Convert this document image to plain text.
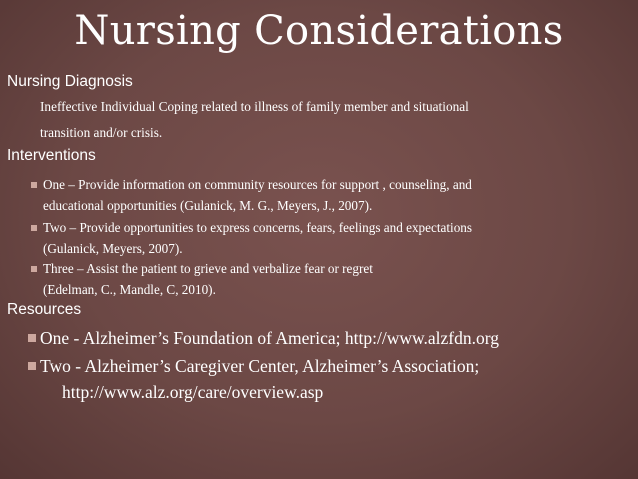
Nursing Considerations
Nursing Diagnosis
Ineffective Individual Coping related to illness of family member and situational
transition and/or crisis.
Interventions
One – Provide information on community resources for support , counseling, and
educational opportunities (Gulanick, M. G., Meyers, J., 2007).
Two – Provide opportunities to express concerns, fears, feelings and expectations
(Gulanick, Meyers, 2007).
Three – Assist the patient to grieve and verbalize fear or regret
(Edelman, C., Mandle, C, 2010).
Resources
One - Alzheimer’s Foundation of America; http://www.alzfdn.org
Two - Alzheimer’s Caregiver Center, Alzheimer’s Association;
http://www.alz.org/care/overview.asp
